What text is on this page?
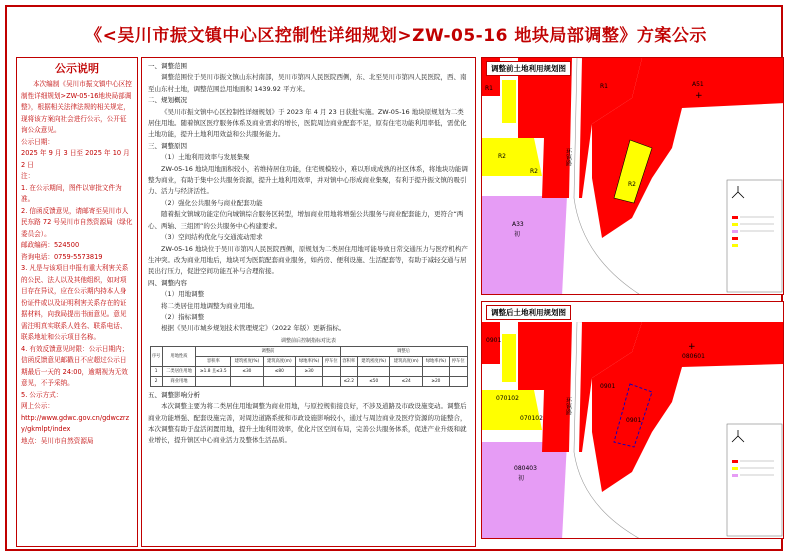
《<吴川市振文镇中心区控制性详细规划>ZW-05-16 地块局部调整》方案公示
公示说明

本次编制《吴川市振文镇中心区控制性详细规划>ZW-05-16地块局部调整》，根据相关法律法规的相关规定，现将该方案向社会进行公示，公开征询公众意见。

公示日期：

2025 年 9 月 3 日至 2025 年 10 月 2 日

注：

1. 在公示期间，图件以审批文件为准。

2. 信函反馈意见，请邮寄至吴川市人民东路 72 号吴川市自然资源局（绿化委员会）。

邮政编码：524500

咨询电话：0759-5573819

3. 凡是与该项目申报有重大利害关系的公民、法人以及其他组织，如对项目存在异议，应在公示期内持本人身份证件或以及证明利害关系存在的证据材料，向我局提出书面意见。意见需注明真实联系人姓名、联系电话、联系地址和公示项目名称。

4. 有效反馈意见时限：公示日期内；信函反馈意见邮戳日不应超过公示日期最后一天的 24:00，逾期视为无效意见，不予采纳。

5. 公示方式：

网上公示：

http://www.gdwc.gov.cn/gdwczrzy/gkmlpt/index

地点：吴川市自然资源局

一、调整范围

调整范围位于吴川市振文镇山东村南部，吴川市第四人民医院西侧，东、北至吴川市第四人民医院，西、南至山东村土地，调整范围总用地面积 1439.92 平方米。

二、规划概况

《吴川市振文镇中心区控制性详细规划》于 2023 年 4 月 23 日获批实施。ZW-05-16 地块原规划为二类居住用地。随着镇区医疗服务体系及商业需求的增长，医院周边商业配套不足，原有住宅功能利用率低，需优化土地功能，提升土地利用效益和公共服务能力。

三、调整原因

（1）土地利用效率与发展集聚

ZW-05-16 地块用地面积较小，若维持居住功能，住宅规模较小，难以形成成熟的社区体系，将地块功能调整为商业，有助于集中公共服务资源，提升土地利用效率，并对镇中心形成商业集聚，有利于提升振文镇的吸引力、活力与经济活性。

（2）强化公共服务与商业配套功能

随着振文镇城功能定位向城镇综合服务区转型，增加商业用地将增强公共服务与商业配套能力，更符合“两心、两轴、三组团”的公共服务中心构建要求。

（3）空间结构优化与交通流动需求

ZW-05-16 地块位于吴川市第四人民医院西侧，原规划为二类居住用地可能导致日常交通压力与医疗机构产生冲突。改为商业用地后，地块可为医院配套商业服务，如药房、便利设施、生活配套等，有助于减轻交通与居民出行压力，促进空间功能互补与合理衔接。

四、调整内容

（1）用地调整

将二类居住用地调整为商业用地。

（2）指标调整

根据《吴川市城乡规划技术管理规定》（2022 年版）更新指标。

调整前后控制指标对比表
序号	用地性质	调整前					调整后				
		容积率	建筑密度(%)	建筑高度(m)	绿地率(%)	停车位	容积率	建筑密度(%)	建筑高度(m)	绿地率(%)	停车位
1	二类居住用地	≥1.8 且≤3.5	≤30	≤80	≥30						
2	商业用地						≤2.2	≤50	≤24	≥20	

五、调整影响分析

本次调整主要为将二类居住用地调整为商业用地，与原控规衔接良好，不涉及道路及市政设施变动。调整后商业功能增强、配套设施完善，对周边道路系统和市政设施影响较小，通过与周边商业及医疗资源的功能整合，本次调整有助于盘活闲置用地，提升土地利用效率，优化片区空间布局，完善公共服务体系，促进产业升级和就业增长，提升镇区中心商业活力及整体生活品质。

调整前土地利用规划图
R1	R1
R2
R2
R2
A33
初
A51
+
环镇路
调整后土地利用规划图
080601
070102
070102
0901
0901
0901
080403
初
+
环镇路
